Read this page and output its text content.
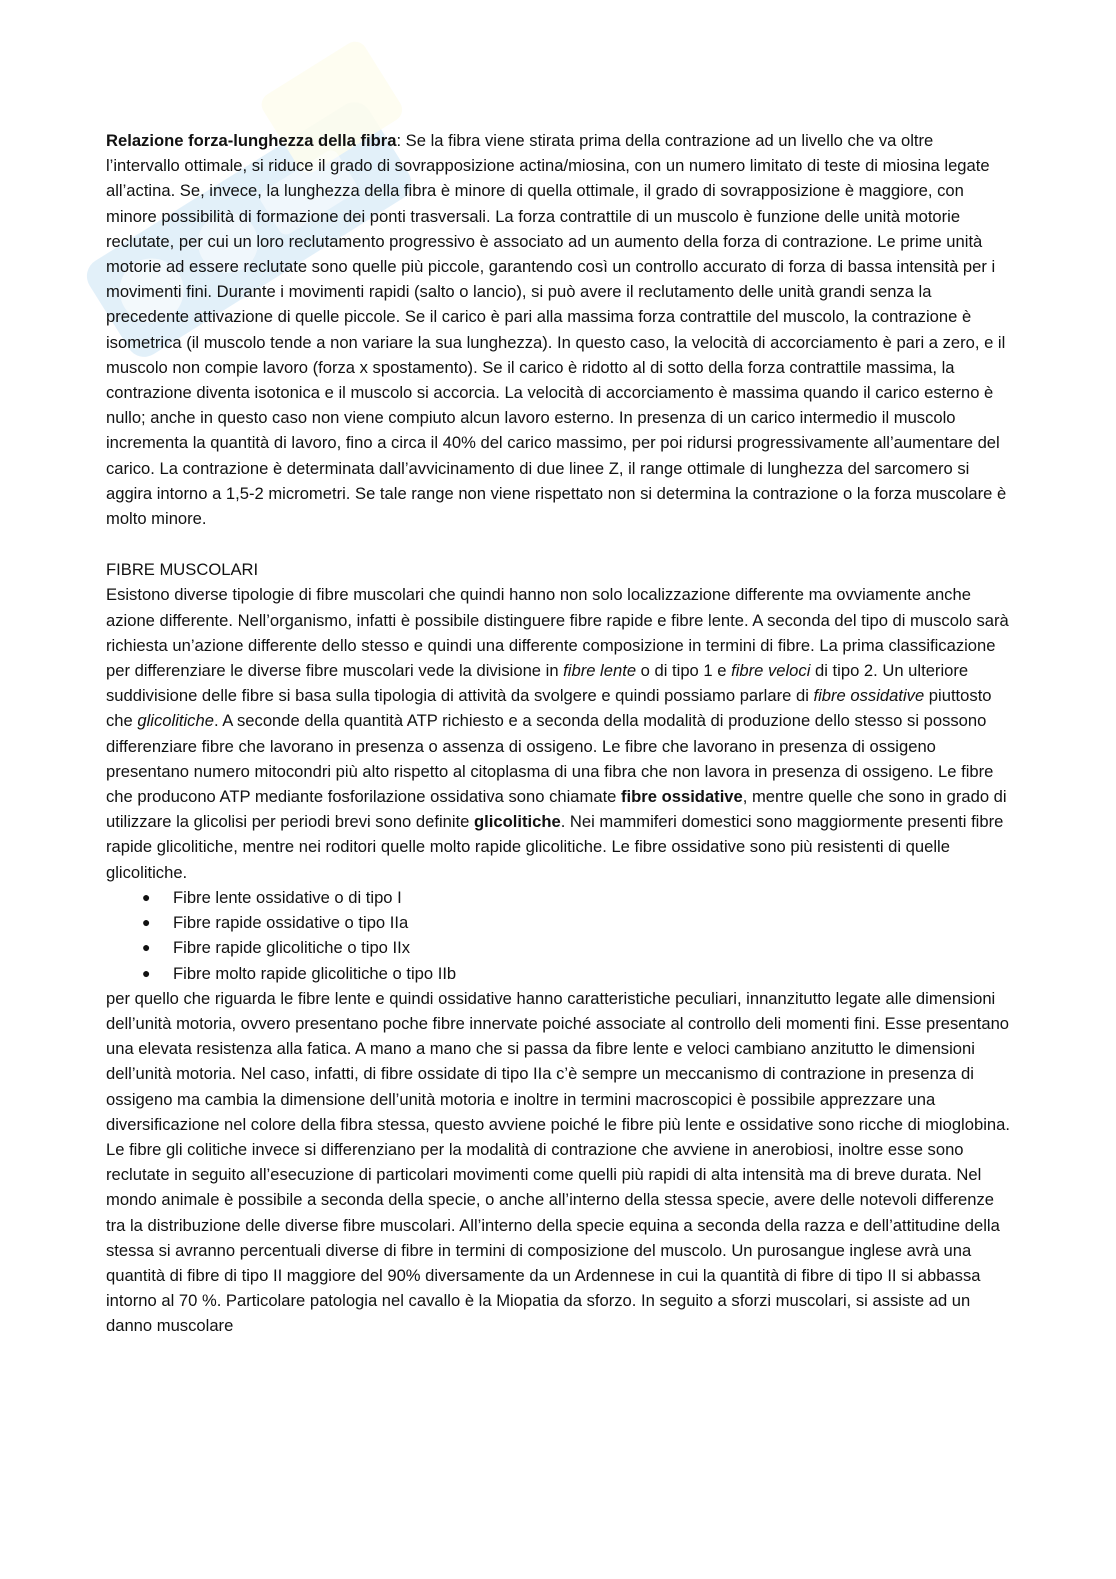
Relazione forza-lunghezza della fibra: Se la fibra viene stirata prima della contrazione ad un livello che va oltre l’intervallo ottimale, si riduce il grado di sovrapposizione actina/miosina, con un numero limitato di teste di miosina legate all’actina. Se, invece, la lunghezza della fibra è minore di quella ottimale, il grado di sovrapposizione è maggiore, con minore possibilità di formazione dei ponti trasversali. La forza contrattile di un muscolo è funzione delle unità motorie reclutate, per cui un loro reclutamento progressivo è associato ad un aumento della forza di contrazione. Le prime unità motorie ad essere reclutate sono quelle più piccole, garantendo così un controllo accurato di forza di bassa intensità per i movimenti fini. Durante i movimenti rapidi (salto o lancio), si può avere il reclutamento delle unità grandi senza la precedente attivazione di quelle piccole. Se il carico è pari alla massima forza contrattile del muscolo, la contrazione è isometrica (il muscolo tende a non variare la sua lunghezza). In questo caso, la velocità di accorciamento è pari a zero, e il muscolo non compie lavoro (forza x spostamento). Se il carico è ridotto al di sotto della forza contrattile massima, la contrazione diventa isotonica e il muscolo si accorcia. La velocità di accorciamento è massima quando il carico esterno è

nullo; anche in questo caso non viene compiuto alcun lavoro esterno. In presenza di un carico intermedio il muscolo incrementa la quantità di lavoro, fino a circa il 40% del carico massimo, per poi ridursi progressivamente all’aumentare del carico. La contrazione è determinata dall’avvicinamento di due linee Z, il range ottimale di lunghezza del sarcomero si aggira intorno a 1,5-2 micrometri. Se tale range non viene rispettato non si determina la contrazione o la forza muscolare è molto minore.

FIBRE MUSCOLARI

Esistono diverse tipologie di fibre muscolari che quindi hanno non solo localizzazione differente ma ovviamente anche azione differente. Nell’organismo, infatti è possibile distinguere fibre rapide e fibre lente. A seconda del tipo di muscolo sarà richiesta un’azione differente dello stesso e quindi una differente composizione in termini di fibre. La prima classificazione per differenziare le diverse fibre muscolari vede la divisione in fibre lente o di tipo 1 e fibre veloci di tipo 2. Un ulteriore suddivisione delle fibre si basa sulla tipologia di attività da svolgere e quindi possiamo parlare di fibre ossidative piuttosto che glicolitiche. A seconde della quantità ATP richiesto e a seconda della modalità di produzione dello stesso si possono differenziare fibre che lavorano in presenza o assenza di ossigeno. Le fibre che lavorano in presenza di ossigeno presentano numero mitocondri più alto rispetto al citoplasma di una fibra che non lavora in presenza di ossigeno. Le fibre che producono ATP mediante fosforilazione ossidativa sono chiamate fibre ossidative, mentre quelle che sono in grado di utilizzare la glicolisi per periodi brevi sono definite glicolitiche. Nei mammiferi domestici sono maggiormente presenti fibre rapide glicolitiche, mentre nei roditori quelle molto rapide glicolitiche. Le fibre ossidative sono più resistenti di quelle glicolitiche.

● Fibre lente ossidative o di tipo I
● Fibre rapide ossidative o tipo IIa
● Fibre rapide glicolitiche o tipo IIx
● Fibre molto rapide glicolitiche o tipo IIb

per quello che riguarda le fibre lente e quindi ossidative hanno caratteristiche peculiari, innanzitutto legate alle dimensioni dell’unità motoria, ovvero presentano poche fibre innervate poiché associate al controllo deli momenti fini. Esse presentano una elevata resistenza alla fatica. A mano a mano che si passa da fibre lente e veloci cambiano anzitutto le dimensioni dell’unità motoria. Nel caso, infatti, di fibre ossidate di tipo IIa c’è sempre un meccanismo di contrazione in presenza di ossigeno ma cambia la dimensione dell’unità motoria e inoltre in termini macroscopici è possibile apprezzare una diversificazione nel colore della fibra stessa, questo avviene poiché le fibre più lente e ossidative sono ricche di mioglobina. Le fibre gli colitiche invece si differenziano per la modalità di contrazione che avviene in anerobiosi, inoltre esse sono reclutate in seguito all’esecuzione di particolari movimenti come quelli più rapidi di alta intensità ma di breve durata. Nel mondo animale è possibile a seconda della specie, o anche all’interno della stessa specie, avere delle notevoli differenze tra la distribuzione delle diverse fibre muscolari. All’interno della specie equina a seconda della razza e dell’attitudine della stessa si avranno percentuali diverse di fibre in termini di composizione del muscolo. Un purosangue inglese avrà una quantità di fibre di tipo II maggiore del 90% diversamente da un Ardennese in cui la quantità di fibre di tipo II si abbassa intorno al 70 %. Particolare patologia nel cavallo è la Miopatia da sforzo. In seguito a sforzi muscolari, si assiste ad un danno muscolare
